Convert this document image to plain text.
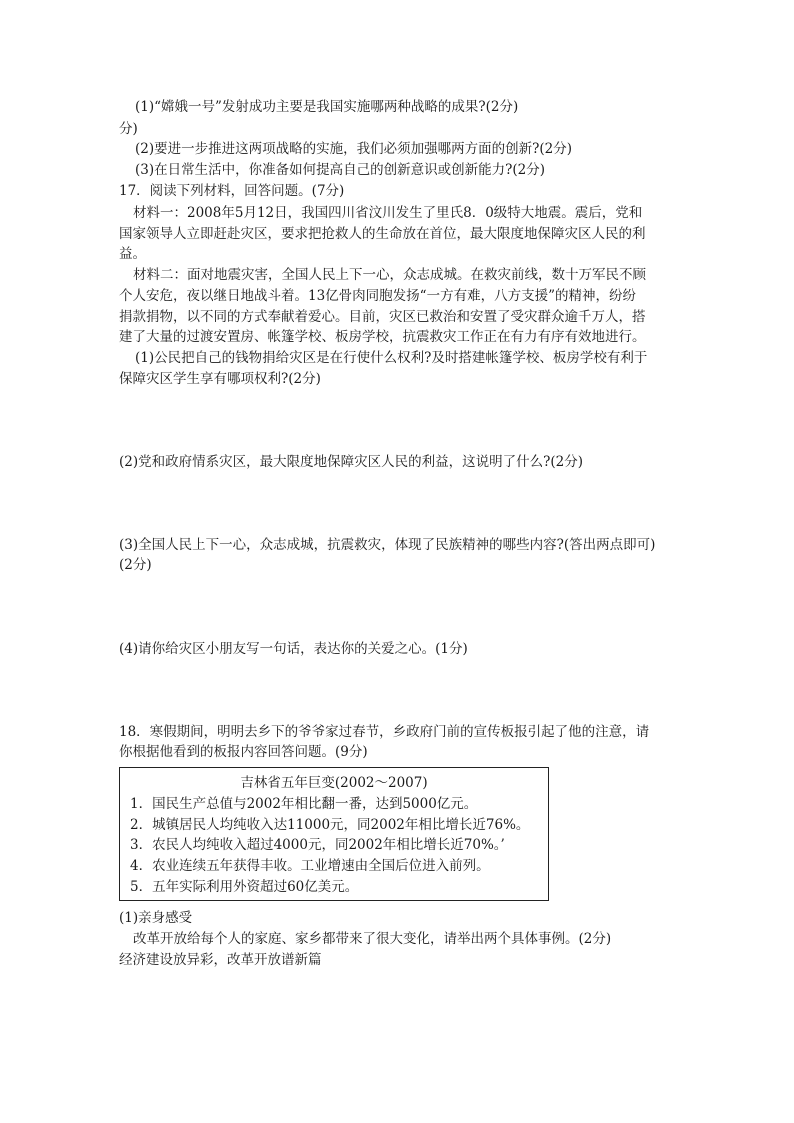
(1)“嫦娥一号”发射成功主要是我国实施哪两种战略的成果?(2分)
分)
(2)要进一步推进这两项战略的实施，我们必须加强哪两方面的创新?(2分)
(3)在日常生活中，你准备如何提高自己的创新意识或创新能力?(2分)
17．阅读下列材料，回答问题。(7分)
材料一：2008年5月12日，我国四川省汶川发生了里氏8．0级特大地震。震后，党和
国家领导人立即赶赴灾区，要求把抢救人的生命放在首位，最大限度地保障灾区人民的利
益。
材料二：面对地震灾害，全国人民上下一心，众志成城。在救灾前线，数十万军民不顾
个人安危，夜以继日地战斗着。13亿骨肉同胞发扬“一方有难，八方支援”的精神，纷纷
捐款捐物，以不同的方式奉献着爱心。目前，灾区已救治和安置了受灾群众逾千万人，搭
建了大量的过渡安置房、帐篷学校、板房学校，抗震救灾工作正在有力有序有效地进行。
(1)公民把自己的钱物捐给灾区是在行使什么权利?及时搭建帐篷学校、板房学校有利于
保障灾区学生享有哪项权利?(2分)
(2)党和政府情系灾区，最大限度地保障灾区人民的利益，这说明了什么?(2分)
(3)全国人民上下一心，众志成城，抗震救灾，体现了民族精神的哪些内容?(答出两点即可)
(2分)
(4)请你给灾区小朋友写一句话，表达你的关爱之心。(1分)
18．寒假期间，明明去乡下的爷爷家过春节，乡政府门前的宣传板报引起了他的注意，请
你根据他看到的板报内容回答问题。(9分)
吉林省五年巨变(2002～2007)
1．国民生产总值与2002年相比翻一番，达到5000亿元。
2．城镇居民人均纯收入达11000元，同2002年相比增长近76%。
3．农民人均纯收入超过4000元，同2002年相比增长近70%。’
4．农业连续五年获得丰收。工业增速由全国后位进入前列。
5．五年实际利用外资超过60亿美元。
(1)亲身感受
改革开放给每个人的家庭、家乡都带来了很大变化，请举出两个具体事例。(2分)
经济建设放异彩，改革开放谱新篇
